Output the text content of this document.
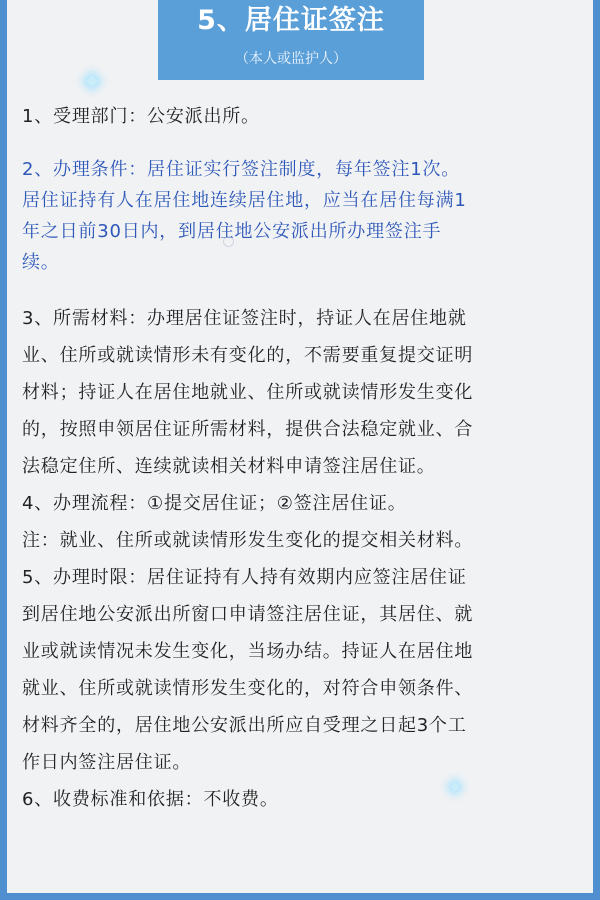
5、居住证签注
（本人或监护人）
1、受理部门：公安派出所。
2、办理条件：居住证实行签注制度，每年签注1次。
居住证持有人在居住地连续居住地，应当在居住每满1
年之日前30日内，到居住地公安派出所办理签注手
续。
3、所需材料：办理居住证签注时，持证人在居住地就
业、住所或就读情形未有变化的，不需要重复提交证明
材料；持证人在居住地就业、住所或就读情形发生变化
的，按照申领居住证所需材料，提供合法稳定就业、合
法稳定住所、连续就读相关材料申请签注居住证。
4、办理流程：①提交居住证；②签注居住证。
注：就业、住所或就读情形发生变化的提交相关材料。
5、办理时限：居住证持有人持有效期内应签注居住证
到居住地公安派出所窗口申请签注居住证，其居住、就
业或就读情况未发生变化，当场办结。持证人在居住地
就业、住所或就读情形发生变化的，对符合申领条件、
材料齐全的，居住地公安派出所应自受理之日起3个工
作日内签注居住证。
6、收费标准和依据：不收费。
